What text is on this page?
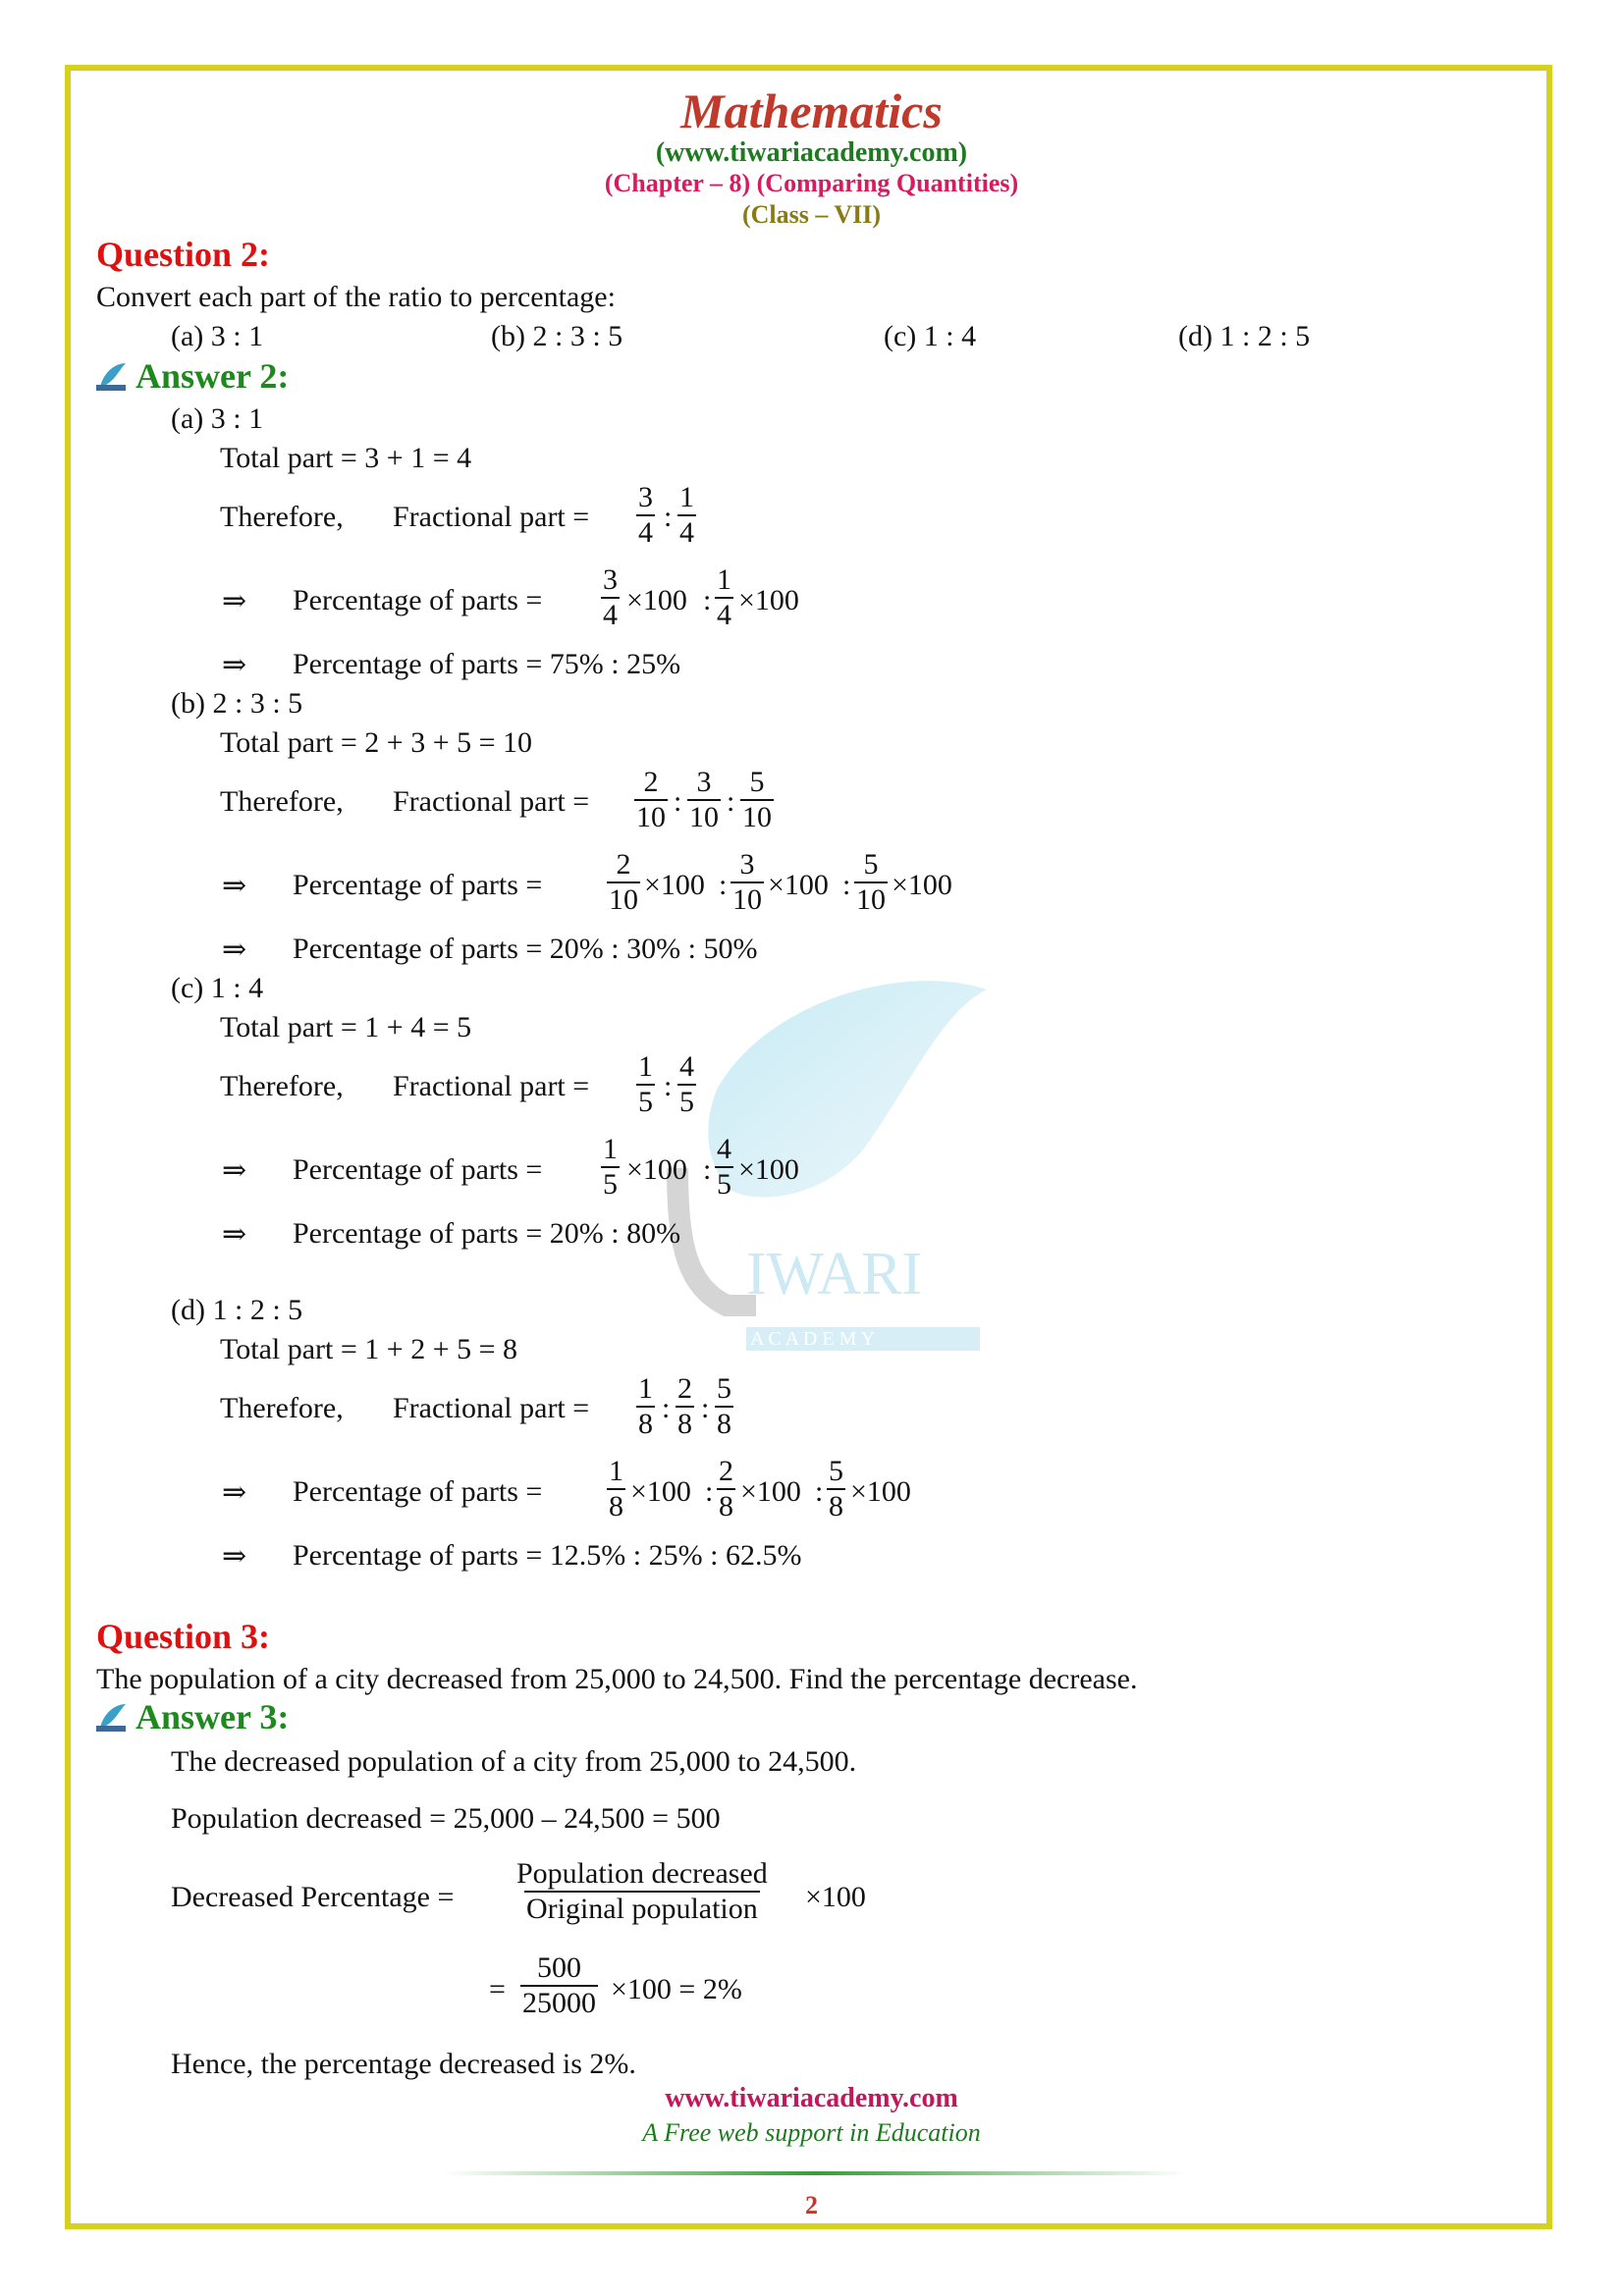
IWARI
A C A D E M Y
Mathematics
(www.tiwariacademy.com)
(Chapter – 8) (Comparing Quantities)
(Class – VII)
Question 2:
Convert each part of the ratio to percentage:
(a) 3 : 1	(b) 2 : 3 : 5	(c) 1 : 4	(d) 1 : 2 : 5
Answer 2:
(a) 3 : 1
Total part = 3 + 1 = 4
Therefore, Fractional part = $\frac{3}{4}$ : $\frac{1}{4}$
⇒ Percentage of parts = $\frac{3}{4} \times 100$ : $\frac{1}{4} \times 100$
⇒ Percentage of parts = 75% : 25%
(b) 2 : 3 : 5
Total part = 2 + 3 + 5 = 10
Therefore, Fractional part = $\frac{2}{10}$ : $\frac{3}{10}$ : $\frac{5}{10}$
⇒ Percentage of parts = $\frac{2}{10} \times 100$ : $\frac{3}{10} \times 100$ : $\frac{5}{10} \times 100$
⇒ Percentage of parts = 20% : 30% : 50%
(c) 1 : 4
Total part = 1 + 4 = 5
Therefore, Fractional part = $\frac{1}{5}$ : $\frac{4}{5}$
⇒ Percentage of parts = $\frac{1}{5} \times 100$ : $\frac{4}{5} \times 100$
⇒ Percentage of parts = 20% : 80%
(d) 1 : 2 : 5
Total part = 1 + 2 + 5 = 8
Therefore, Fractional part = $\frac{1}{8}$ : $\frac{2}{8}$ : $\frac{5}{8}$
⇒ Percentage of parts = $\frac{1}{8} \times 100$ : $\frac{2}{8} \times 100$ : $\frac{5}{8} \times 100$
⇒ Percentage of parts = 12.5% : 25% : 62.5%
Question 3:
The population of a city decreased from 25,000 to 24,500. Find the percentage decrease.
Answer 3:
The decreased population of a city from 25,000 to 24,500.
Population decreased = 25,000 – 24,500 = 500
Decreased Percentage =
Population decreased
Original population ×100
= $\frac{500}{25000} \times 100 = 2\%$
Hence, the percentage decreased is 2%.
www.tiwariacademy.com
A Free web support in Education
2
